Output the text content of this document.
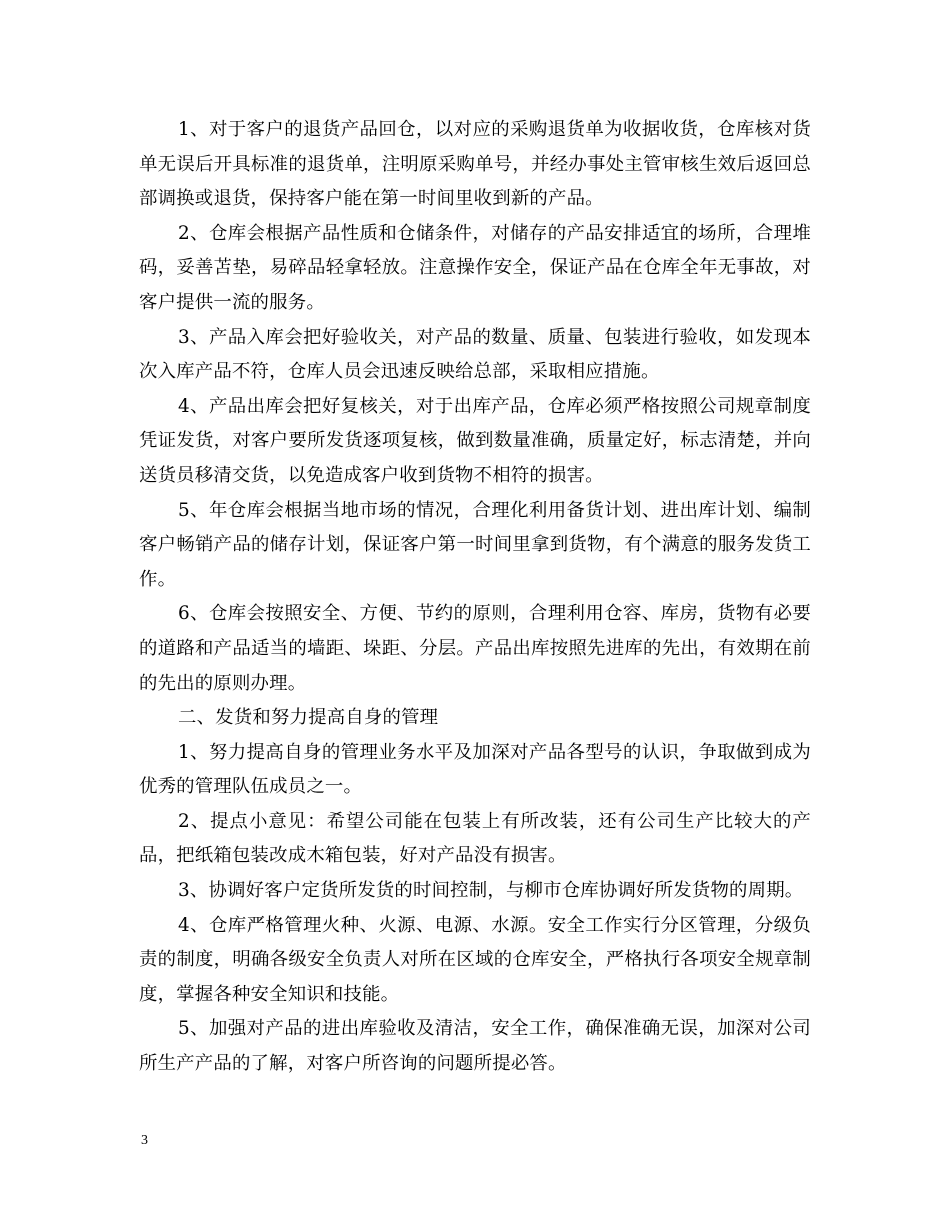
1、对于客户的退货产品回仓，以对应的采购退货单为收据收货，仓库核对货单无误后开具标准的退货单，注明原采购单号，并经办事处主管审核生效后返回总部调换或退货，保持客户能在第一时间里收到新的产品。

2、仓库会根据产品性质和仓储条件，对储存的产品安排适宜的场所，合理堆码，妥善苫垫，易碎品轻拿轻放。注意操作安全，保证产品在仓库全年无事故，对客户提供一流的服务。

3、产品入库会把好验收关，对产品的数量、质量、包装进行验收，如发现本次入库产品不符，仓库人员会迅速反映给总部，采取相应措施。

4、产品出库会把好复核关，对于出库产品，仓库必须严格按照公司规章制度凭证发货，对客户要所发货逐项复核，做到数量准确，质量定好，标志清楚，并向送货员移清交货，以免造成客户收到货物不相符的损害。

5、年仓库会根据当地市场的情况，合理化利用备货计划、进出库计划、编制客户畅销产品的储存计划，保证客户第一时间里拿到货物，有个满意的服务发货工作。

6、仓库会按照安全、方便、节约的原则，合理利用仓容、库房，货物有必要的道路和产品适当的墙距、垛距、分层。产品出库按照先进库的先出，有效期在前的先出的原则办理。

二、发货和努力提高自身的管理

1、努力提高自身的管理业务水平及加深对产品各型号的认识，争取做到成为优秀的管理队伍成员之一。

2、提点小意见：希望公司能在包装上有所改装，还有公司生产比较大的产品，把纸箱包装改成木箱包装，好对产品没有损害。

3、协调好客户定货所发货的时间控制，与柳市仓库协调好所发货物的周期。

4、仓库严格管理火种、火源、电源、水源。安全工作实行分区管理，分级负责的制度，明确各级安全负责人对所在区域的仓库安全，严格执行各项安全规章制度，掌握各种安全知识和技能。

5、加强对产品的进出库验收及清洁，安全工作，确保准确无误，加深对公司所生产产品的了解，对客户所咨询的问题所提必答。

3
